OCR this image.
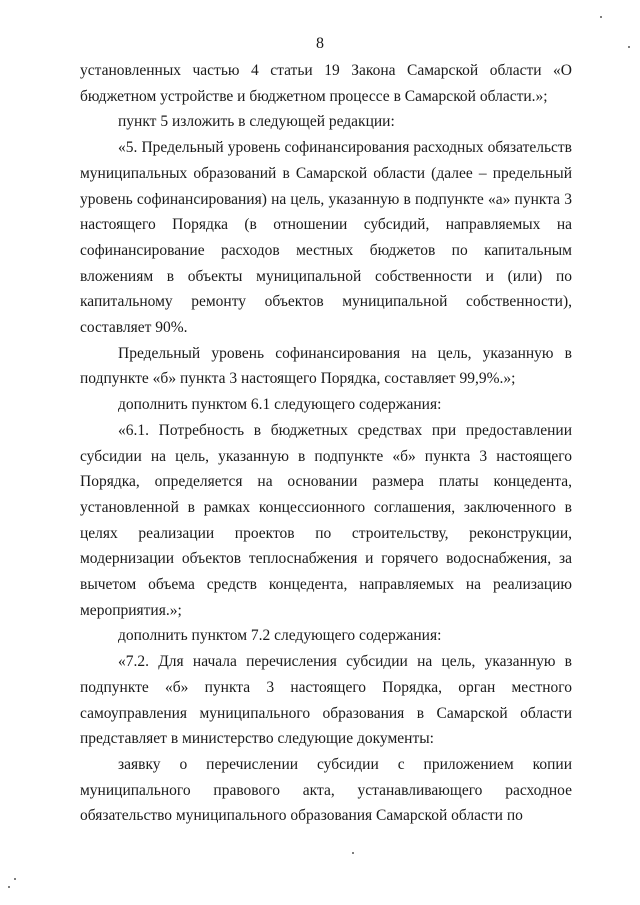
8

установленных частью 4 статьи 19 Закона Самарской области «О бюджетном устройстве и бюджетном процессе в Самарской области.»;

пункт 5 изложить в следующей редакции:

«5. Предельный уровень софинансирования расходных обязательств муниципальных образований в Самарской области (далее – предельный уровень софинансирования) на цель, указанную в подпункте «а» пункта 3 настоящего Порядка (в отношении субсидий, направляемых на софинансирование расходов местных бюджетов по капитальным вложениям в объекты муниципальной собственности и (или) по капитальному ремонту объектов муниципальной собственности), составляет 90%.

Предельный уровень софинансирования на цель, указанную в подпункте «б» пункта 3 настоящего Порядка, составляет 99,9%.»;

дополнить пунктом 6.1 следующего содержания:

«6.1. Потребность в бюджетных средствах при предоставлении субсидии на цель, указанную в подпункте «б» пункта 3 настоящего Порядка, определяется на основании размера платы концедента, установленной в рамках концессионного соглашения, заключенного в целях реализации проектов по строительству, реконструкции, модернизации объектов теплоснабжения и горячего водоснабжения, за вычетом объема средств концедента, направляемых на реализацию мероприятия.»;

дополнить пунктом 7.2 следующего содержания:

«7.2. Для начала перечисления субсидии на цель, указанную в подпункте «б» пункта 3 настоящего Порядка, орган местного самоуправления муниципального образования в Самарской области представляет в министерство следующие документы:

заявку о перечислении субсидии с приложением копии муниципального правового акта, устанавливающего расходное обязательство муниципального образования Самарской области по
